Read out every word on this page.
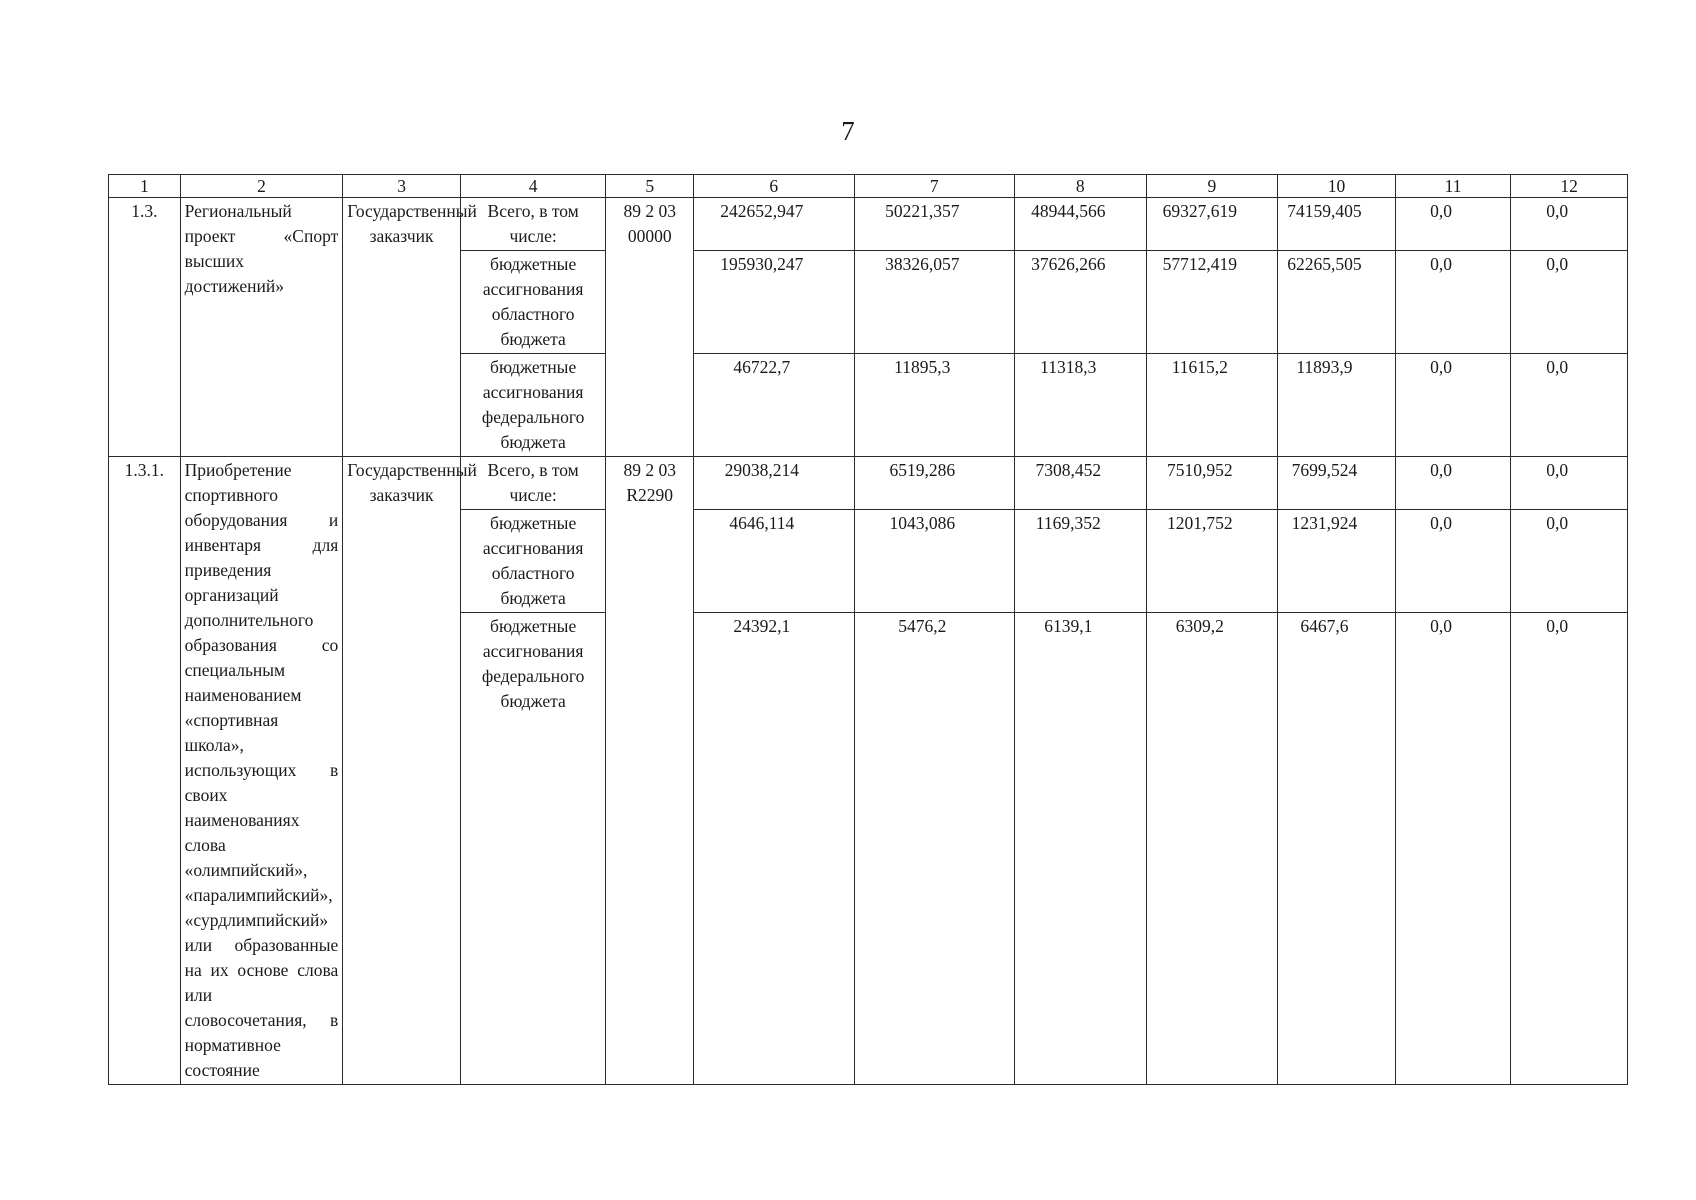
7
1	2	3	4	5	6	7	8	9	10	11	12
1.3.	Региональный проект «Спорт высших достижений»	Государственный заказчик	Всего, в том числе:	89 2 03 00000	242652,947	50221,357	48944,566	69327,619	74159,405	0,0	0,0
			бюджетные ассигнования областного бюджета		195930,247	38326,057	37626,266	57712,419	62265,505	0,0	0,0
			бюджетные ассигнования федерального бюджета		46722,7	11895,3	11318,3	11615,2	11893,9	0,0	0,0
1.3.1.	Приобретение спортивного оборудования и инвентаря для приведения организаций дополнительного образования со специальным наименованием «спортивная школа», использующих в своих наименованиях слова «олимпийский», «паралимпийский», «сурдлимпийский» или образованные на их основе слова или словосочетания, в нормативное состояние	Государственный заказчик	Всего, в том числе:	89 2 03 R2290	29038,214	6519,286	7308,452	7510,952	7699,524	0,0	0,0
			бюджетные ассигнования областного бюджета		4646,114	1043,086	1169,352	1201,752	1231,924	0,0	0,0
			бюджетные ассигнования федерального бюджета		24392,1	5476,2	6139,1	6309,2	6467,6	0,0	0,0
